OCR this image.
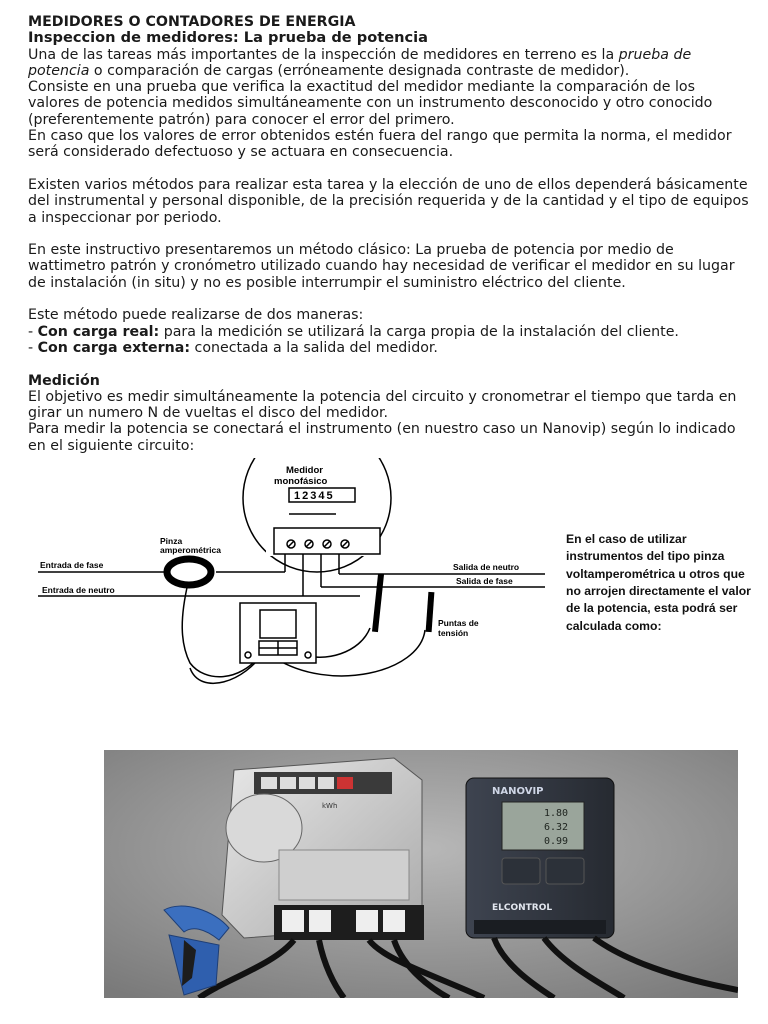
MEDIDORES O CONTADORES DE ENERGIA

Inspeccion de medidores: La prueba de potencia

Una de las tareas más importantes de la inspección de medidores en terreno es la prueba de potencia o comparación de cargas (erróneamente designada contraste de medidor).

Consiste en una prueba que verifica la exactitud del medidor mediante la comparación de los valores de potencia medidos simultáneamente con un instrumento desconocido y otro conocido (preferentemente patrón) para conocer el error del primero.

En caso que los valores de error obtenidos estén fuera del rango que permita la norma, el medidor será considerado defectuoso y se actuara en consecuencia.

Existen varios métodos para realizar esta tarea y la elección de uno de ellos dependerá básicamente del instrumental y personal disponible, de la precisión requerida y de la cantidad y el tipo de equipos a inspeccionar por periodo.

En este instructivo presentaremos un método clásico: La prueba de potencia por medio de wattimetro patrón y cronómetro utilizado cuando hay necesidad de verificar el medidor en su lugar de instalación (in situ) y no es posible interrumpir el suministro eléctrico del cliente.

Este método puede realizarse de dos maneras:

- Con carga real: para la medición se utilizará la carga propia de la instalación del cliente.

- Con carga externa: conectada a la salida del medidor.

Medición

El objetivo es medir simultáneamente la potencia del circuito y cronometrar el tiempo que tarda en girar un numero N de vueltas el disco del medidor.

Para medir la potencia se conectará el instrumento (en nuestro caso un Nanovip) según lo indicado en el siguiente circuito:

Medidor
monofásico
12345
Entrada de fase
Entrada de neutro
Pinza
amperométrica
Salida de neutro
Salida de fase
Puntas de
tensión

En el caso de utilizar instrumentos del tipo pinza voltamperométrica u otros que no arrojen directamente el valor de la potencia, esta podrá ser calculada como:

kWh
NANOVIP
1.80
6.32
0.99
ELCONTROL
